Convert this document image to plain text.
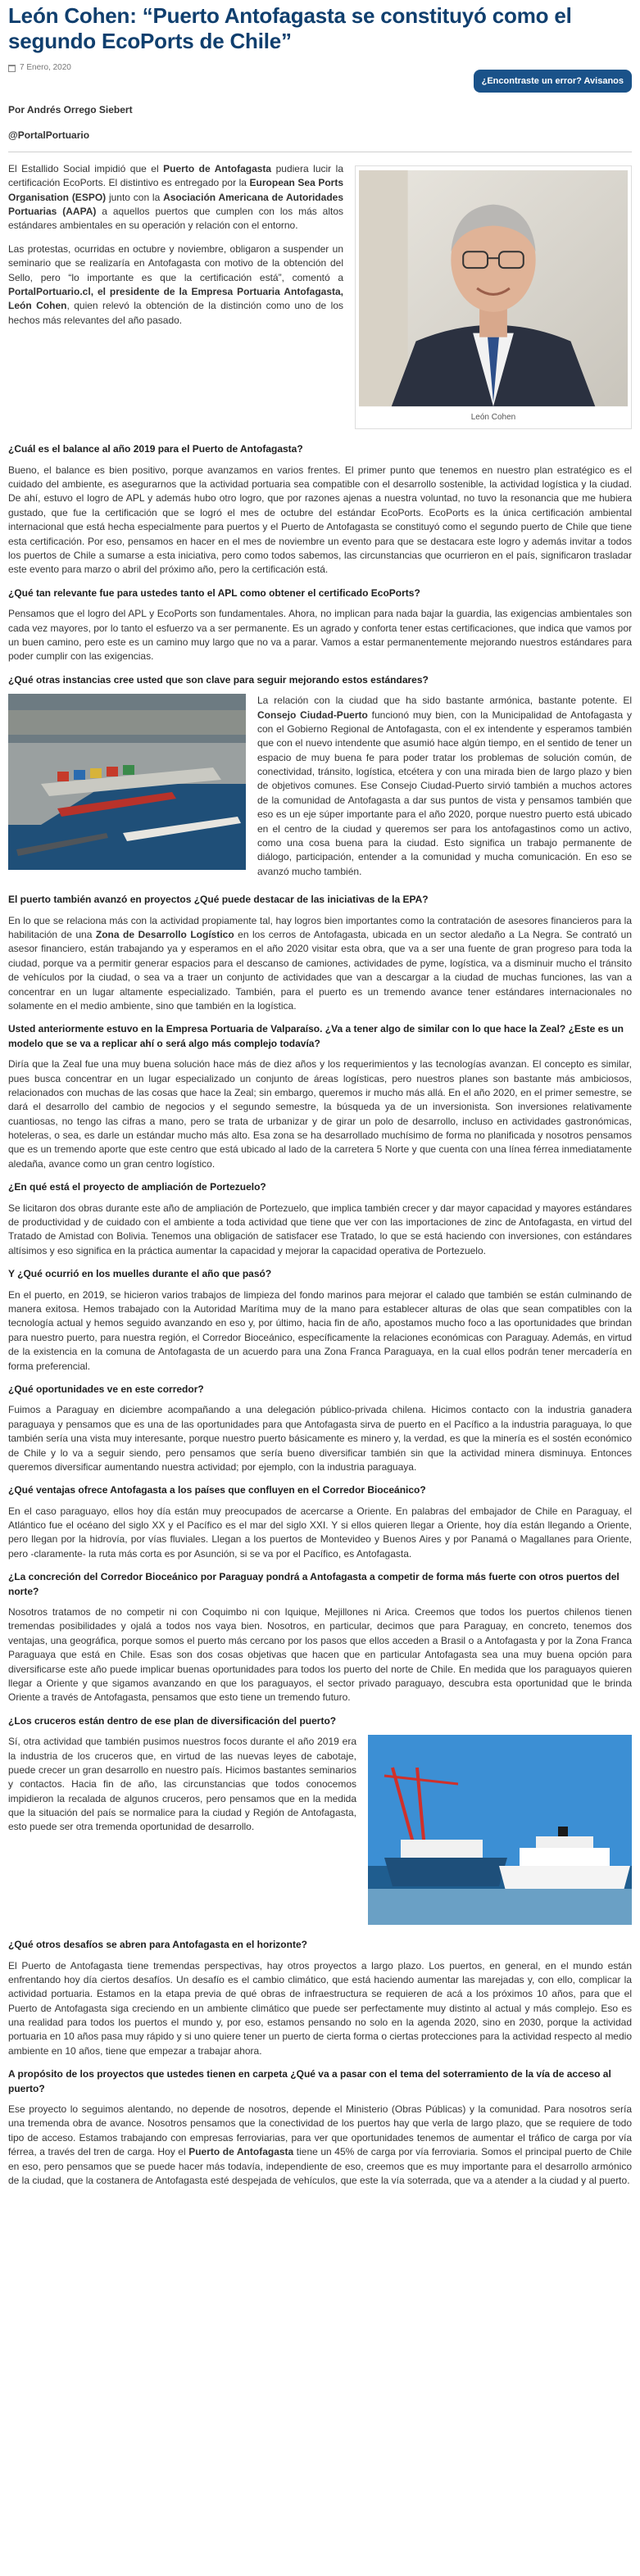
León Cohen: “Puerto Antofagasta se constituyó como el segundo EcoPorts de Chile”
7 Enero, 2020
¿Encontraste un error? Avisanos
Por Andrés Orrego Siebert
@PortalPortuario
León Cohen

El Estallido Social impidió que el Puerto de Antofagasta pudiera lucir la certificación EcoPorts. El distintivo es entregado por la European Sea Ports Organisation (ESPO) junto con la Asociación Americana de Autoridades Portuarias (AAPA) a aquellos puertos que cumplen con los más altos estándares ambientales en su operación y relación con el entorno.

Las protestas, ocurridas en octubre y noviembre, obligaron a suspender un seminario que se realizaría en Antofagasta con motivo de la obtención del Sello, pero “lo importante es que la certificación está”, comentó a PortalPortuario.cl, el presidente de la Empresa Portuaria Antofagasta, León Cohen, quien relevó la obtención de la distinción como uno de los hechos más relevantes del año pasado.

¿Cuál es el balance al año 2019 para el Puerto de Antofagasta?

Bueno, el balance es bien positivo, porque avanzamos en varios frentes. El primer punto que tenemos en nuestro plan estratégico es el cuidado del ambiente, es asegurarnos que la actividad portuaria sea compatible con el desarrollo sostenible, la actividad logística y la ciudad. De ahí, estuvo el logro de APL y además hubo otro logro, que por razones ajenas a nuestra voluntad, no tuvo la resonancia que me hubiera gustado, que fue la certificación que se logró el mes de octubre del estándar EcoPorts. EcoPorts es la única certificación ambiental internacional que está hecha especialmente para puertos y el Puerto de Antofagasta se constituyó como el segundo puerto de Chile que tiene esta certificación. Por eso, pensamos en hacer en el mes de noviembre un evento para que se destacara este logro y además invitar a todos los puertos de Chile a sumarse a esta iniciativa, pero como todos sabemos, las circunstancias que ocurrieron en el país, significaron trasladar este evento para marzo o abril del próximo año, pero la certificación está.

¿Qué tan relevante fue para ustedes tanto el APL como obtener el certificado EcoPorts?

Pensamos que el logro del APL y EcoPorts son fundamentales. Ahora, no implican para nada bajar la guardia, las exigencias ambientales son cada vez mayores, por lo tanto el esfuerzo va a ser permanente. Es un agrado y conforta tener estas certificaciones, que indica que vamos por un buen camino, pero este es un camino muy largo que no va a parar. Vamos a estar permanentemente mejorando nuestros estándares para poder cumplir con las exigencias.

¿Qué otras instancias cree usted que son clave para seguir mejorando estos estándares?

La relación con la ciudad que ha sido bastante armónica, bastante potente. El Consejo Ciudad-Puerto funcionó muy bien, con la Municipalidad de Antofagasta y con el Gobierno Regional de Antofagasta, con el ex intendente y esperamos también que con el nuevo intendente que asumió hace algún tiempo, en el sentido de tener un espacio de muy buena fe para poder tratar los problemas de solución común, de conectividad, tránsito, logística, etcétera y con una mirada bien de largo plazo y bien de objetivos comunes. Ese Consejo Ciudad-Puerto sirvió también a muchos actores de la comunidad de Antofagasta a dar sus puntos de vista y pensamos también que eso es un eje súper importante para el año 2020, porque nuestro puerto está ubicado en el centro de la ciudad y queremos ser para los antofagastinos como un activo, como una cosa buena para la ciudad. Esto significa un trabajo permanente de diálogo, participación, entender a la comunidad y mucha comunicación. En eso se avanzó mucho también.

El puerto también avanzó en proyectos ¿Qué puede destacar de las iniciativas de la EPA?

En lo que se relaciona más con la actividad propiamente tal, hay logros bien importantes como la contratación de asesores financieros para la habilitación de una Zona de Desarrollo Logístico en los cerros de Antofagasta, ubicada en un sector aledaño a La Negra. Se contrató un asesor financiero, están trabajando ya y esperamos en el año 2020 visitar esta obra, que va a ser una fuente de gran progreso para toda la ciudad, porque va a permitir generar espacios para el descanso de camiones, actividades de pyme, logística, va a disminuir mucho el tránsito de vehículos por la ciudad, o sea va a traer un conjunto de actividades que van a descargar a la ciudad de muchas funciones, las van a concentrar en un lugar altamente especializado. También, para el puerto es un tremendo avance tener estándares internacionales no solamente en el medio ambiente, sino que también en la logística.

Usted anteriormente estuvo en la Empresa Portuaria de Valparaíso. ¿Va a tener algo de similar con lo que hace la Zeal? ¿Este es un modelo que se va a replicar ahí o será algo más complejo todavía?

Diría que la Zeal fue una muy buena solución hace más de diez años y los requerimientos y las tecnologías avanzan. El concepto es similar, pues busca concentrar en un lugar especializado un conjunto de áreas logísticas, pero nuestros planes son bastante más ambiciosos, relacionados con muchas de las cosas que hace la Zeal; sin embargo, queremos ir mucho más allá. En el año 2020, en el primer semestre, se dará el desarrollo del cambio de negocios y el segundo semestre, la búsqueda ya de un inversionista. Son inversiones relativamente cuantiosas, no tengo las cifras a mano, pero se trata de urbanizar y de girar un polo de desarrollo, incluso en actividades gastronómicas, hoteleras, o sea, es darle un estándar mucho más alto. Esa zona se ha desarrollado muchísimo de forma no planificada y nosotros pensamos que es un tremendo aporte que este centro que está ubicado al lado de la carretera 5 Norte y que cuenta con una línea férrea inmediatamente aledaña, avance como un gran centro logístico.

¿En qué está el proyecto de ampliación de Portezuelo?

Se licitaron dos obras durante este año de ampliación de Portezuelo, que implica también crecer y dar mayor capacidad y mayores estándares de productividad y de cuidado con el ambiente a toda actividad que tiene que ver con las importaciones de zinc de Antofagasta, en virtud del Tratado de Amistad con Bolivia. Tenemos una obligación de satisfacer ese Tratado, lo que se está haciendo con inversiones, con estándares altísimos y eso significa en la práctica aumentar la capacidad y mejorar la capacidad operativa de Portezuelo.

Y ¿Qué ocurrió en los muelles durante el año que pasó?

En el puerto, en 2019, se hicieron varios trabajos de limpieza del fondo marinos para mejorar el calado que también se están culminando de manera exitosa. Hemos trabajado con la Autoridad Marítima muy de la mano para establecer alturas de olas que sean compatibles con la tecnología actual y hemos seguido avanzando en eso y, por último, hacia fin de año, apostamos mucho foco a las oportunidades que brindan para nuestro puerto, para nuestra región, el Corredor Bioceánico, específicamente la relaciones económicas con Paraguay. Además, en virtud de la existencia en la comuna de Antofagasta de un acuerdo para una Zona Franca Paraguaya, en la cual ellos podrán tener mercadería en forma preferencial.

¿Qué oportunidades ve en este corredor?

Fuimos a Paraguay en diciembre acompañando a una delegación público-privada chilena. Hicimos contacto con la industria ganadera paraguaya y pensamos que es una de las oportunidades para que Antofagasta sirva de puerto en el Pacífico a la industria paraguaya, lo que también sería una vista muy interesante, porque nuestro puerto básicamente es minero y, la verdad, es que la minería es el sostén económico de Chile y lo va a seguir siendo, pero pensamos que sería bueno diversificar también sin que la actividad minera disminuya. Entonces queremos diversificar aumentando nuestra actividad; por ejemplo, con la industria paraguaya.

¿Qué ventajas ofrece Antofagasta a los países que confluyen en el Corredor Bioceánico?

En el caso paraguayo, ellos hoy día están muy preocupados de acercarse a Oriente. En palabras del embajador de Chile en Paraguay, el Atlántico fue el océano del siglo XX y el Pacífico es el mar del siglo XXI. Y si ellos quieren llegar a Oriente, hoy día están llegando a Oriente, pero llegan por la hidrovía, por vías fluviales. Llegan a los puertos de Montevideo y Buenos Aires y por Panamá o Magallanes para Oriente, pero -claramente- la ruta más corta es por Asunción, si se va por el Pacífico, es Antofagasta.

¿La concreción del Corredor Bioceánico por Paraguay pondrá a Antofagasta a competir de forma más fuerte con otros puertos del norte?

Nosotros tratamos de no competir ni con Coquimbo ni con Iquique, Mejillones ni Arica. Creemos que todos los puertos chilenos tienen tremendas posibilidades y ojalá a todos nos vaya bien. Nosotros, en particular, decimos que para Paraguay, en concreto, tenemos dos ventajas, una geográfica, porque somos el puerto más cercano por los pasos que ellos acceden a Brasil o a Antofagasta y por la Zona Franca Paraguaya que está en Chile. Esas son dos cosas objetivas que hacen que en particular Antofagasta sea una muy buena opción para diversificarse este año puede implicar buenas oportunidades para todos los puerto del norte de Chile. En medida que los paraguayos quieren llegar a Oriente y que sigamos avanzando en que los paraguayos, el sector privado paraguayo, descubra esta oportunidad que le brinda Oriente a través de Antofagasta, pensamos que esto tiene un tremendo futuro.

¿Los cruceros están dentro de ese plan de diversificación del puerto?

Sí, otra actividad que también pusimos nuestros focos durante el año 2019 era la industria de los cruceros que, en virtud de las nuevas leyes de cabotaje, puede crecer un gran desarrollo en nuestro país. Hicimos bastantes seminarios y contactos. Hacia fin de año, las circunstancias que todos conocemos impidieron la recalada de algunos cruceros, pero pensamos que en la medida que la situación del país se normalice para la ciudad y Región de Antofagasta, esto puede ser otra tremenda oportunidad de desarrollo.

¿Qué otros desafíos se abren para Antofagasta en el horizonte?

El Puerto de Antofagasta tiene tremendas perspectivas, hay otros proyectos a largo plazo. Los puertos, en general, en el mundo están enfrentando hoy día ciertos desafíos. Un desafío es el cambio climático, que está haciendo aumentar las marejadas y, con ello, complicar la actividad portuaria. Estamos en la etapa previa de qué obras de infraestructura se requieren de acá a los próximos 10 años, para que el Puerto de Antofagasta siga creciendo en un ambiente climático que puede ser perfectamente muy distinto al actual y más complejo. Eso es una realidad para todos los puertos el mundo y, por eso, estamos pensando no solo en la agenda 2020, sino en 2030, porque la actividad portuaria en 10 años pasa muy rápido y si uno quiere tener un puerto de cierta forma o ciertas protecciones para la actividad respecto al medio ambiente en 10 años, tiene que empezar a trabajar ahora.

A propósito de los proyectos que ustedes tienen en carpeta ¿Qué va a pasar con el tema del soterramiento de la vía de acceso al puerto?

Ese proyecto lo seguimos alentando, no depende de nosotros, depende el Ministerio (Obras Públicas) y la comunidad. Para nosotros sería una tremenda obra de avance. Nosotros pensamos que la conectividad de los puertos hay que verla de largo plazo, que se requiere de todo tipo de acceso. Estamos trabajando con empresas ferroviarias, para ver que oportunidades tenemos de aumentar el tráfico de carga por vía férrea, a través del tren de carga. Hoy el Puerto de Antofagasta tiene un 45% de carga por vía ferroviaria. Somos el principal puerto de Chile en eso, pero pensamos que se puede hacer más todavía, independiente de eso, creemos que es muy importante para el desarrollo armónico de la ciudad, que la costanera de Antofagasta esté despejada de vehículos, que este la vía soterrada, que va a atender a la ciudad y al puerto.
